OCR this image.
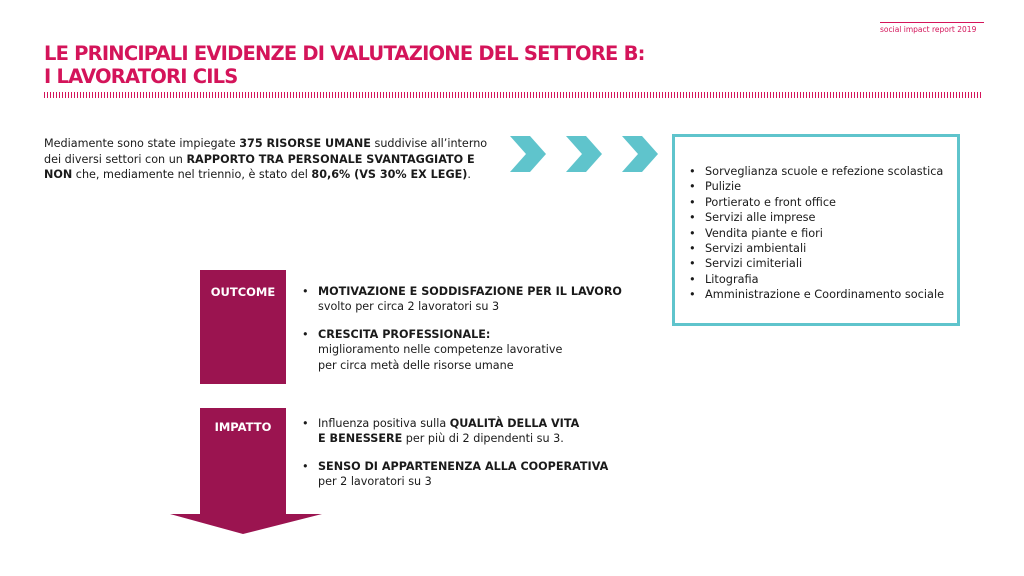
social impact report 2019
LE PRINCIPALI EVIDENZE DI VALUTAZIONE DEL SETTORE B:
I LAVORATORI CILS

Mediamente sono state impiegate 375 RISORSE UMANE suddivise all’interno dei diversi settori con un RAPPORTO TRA PERSONALE SVANTAGGIATO E NON che, mediamente nel triennio, è stato del 80,6% (VS 30% EX LEGE).

•	Sorveglianza scuole e refezione scolastica
• Pulizie
• Portierato e front office
• Servizi alle imprese
• Vendita piante e fiori
• Servizi ambientali
• Servizi cimiteriali
• Litografia
• Amministrazione e Coordinamento sociale
OUTCOME
IMPATTO
• MOTIVAZIONE E SODDISFAZIONE PER IL LAVORO
svolto per circa 2 lavoratori su 3
• CRESCITA PROFESSIONALE:
miglioramento nelle competenze lavorative
per circa metà delle risorse umane
• Influenza positiva sulla QUALITÀ DELLA VITA
E BENESSERE per più di 2 dipendenti su 3.
• SENSO DI APPARTENENZA ALLA COOPERATIVA
per 2 lavoratori su 3
